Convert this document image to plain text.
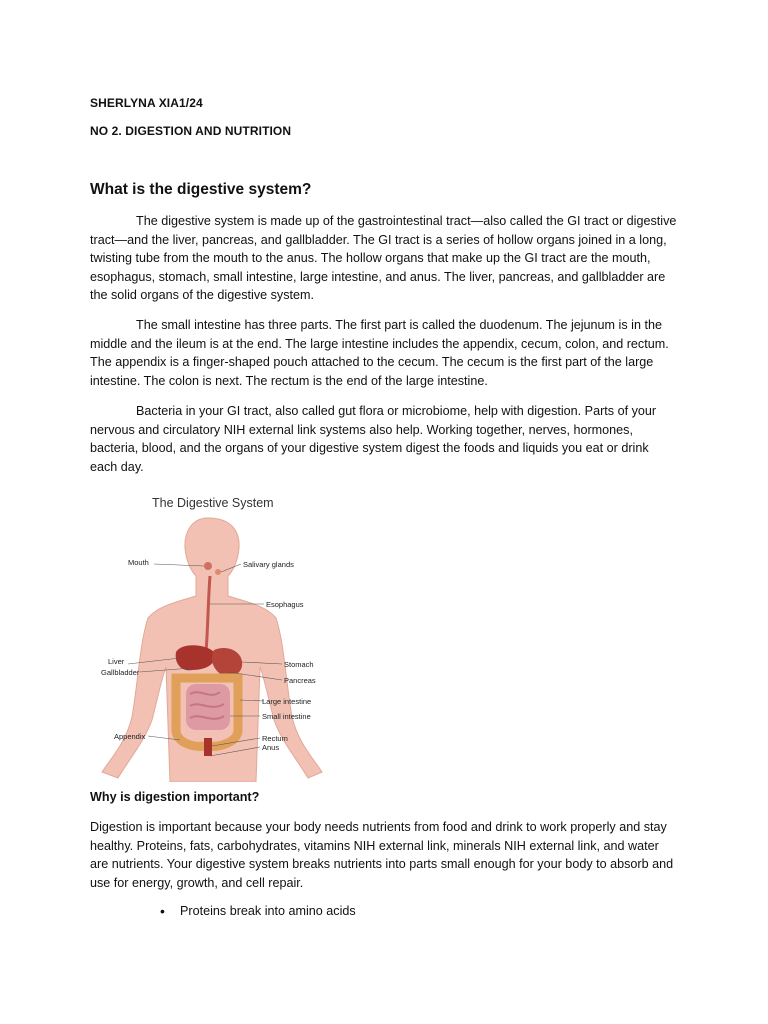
SHERLYNA XIA1/24
NO 2. DIGESTION AND NUTRITION
What is the digestive system?

The digestive system is made up of the gastrointestinal tract—also called the GI tract or digestive tract—and the liver, pancreas, and gallbladder. The GI tract is a series of hollow organs joined in a long, twisting tube from the mouth to the anus. The hollow organs that make up the GI tract are the mouth, esophagus, stomach, small intestine, large intestine, and anus. The liver, pancreas, and gallbladder are the solid organs of the digestive system.

The small intestine has three parts. The first part is called the duodenum. The jejunum is in the middle and the ileum is at the end. The large intestine includes the appendix, cecum, colon, and rectum. The appendix is a finger-shaped pouch attached to the cecum. The cecum is the first part of the large intestine. The colon is next. The rectum is the end of the large intestine.

Bacteria in your GI tract, also called gut flora or microbiome, help with digestion. Parts of your nervous and circulatory NIH external link systems also help. Working together, nerves, hormones, bacteria, blood, and the organs of your digestive system digest the foods and liquids you eat or drink each day.

The Digestive System
Mouth	Salivary glands
Esophagus
Liver
Gallbladder
Stomach
Pancreas
Large intestine
Small intestine
Appendix	Rectum
Anus
Why is digestion important?

Digestion is important because your body needs nutrients from food and drink to work properly and stay healthy. Proteins, fats, carbohydrates, vitamins NIH external link, minerals NIH external link, and water are nutrients. Your digestive system breaks nutrients into parts small enough for your body to absorb and use for energy, growth, and cell repair.

• Proteins break into amino acids
